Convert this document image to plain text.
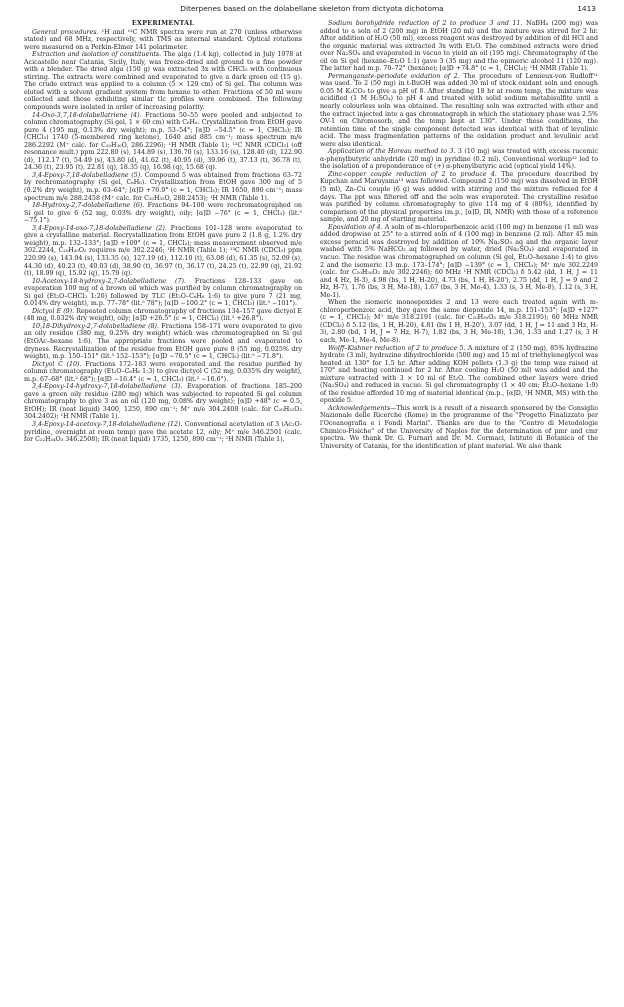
Diterpenes based on the dolabellane skeleton from dictyota dichotoma	1413
EXPERIMENTAL

General procedures. ¹H and ¹³C NMR spectra were run at 270 (unless otherwise stated) and 68 MHz, respectively, with TMS as internal standard. Optical rotations were measured on a Perkin-Elmer 141 polarimeter.

Extraction and isolation of constituents. The alga (1.4 kg), collected in July 1978 at Acicastello near Catania, Sicily, Italy, was freeze-dried and ground to a fine powder with a blender. The dried alga (150 g) was extracted 3x with CHCl₃ with continuous stirring. The extracts were combined and evaporated to give a dark green oil (15 g). The crude extract was applied to a column (5 × 120 cm) of Si gel. The column was eluted with a solvent gradient system from hexane to ether. Fractions of 50 ml were collected and those exhibiting similar tlc profiles were combined. The following compounds were isolated in order of increasing polarity.

14-Oxo-3,7,18-dolabellatriene (4). Fractions 50–55 were pooled and subjected to column chromatography (Si gel, 1 × 60 cm) with C₆H₆. Crystallization from EtOH gave pure 4 (195 mg, 0.13% dry weight); m.p. 53–54°; [α]D −54.5° (c = 1, CHCl₃); IR (CHCl₃) 1740 (5-membered ring ketone), 1640 and 885 cm⁻¹; mass spectrum m/e 286.2292 (M⁺ calc. for C₂₀H₃₀O, 286.2296); ¹H NMR (Table 1); ¹³C NMR (CDCl₃) (off resonance mult.) ppm 222.80 (s), 144.89 (s), 136.70 (s), 133.16 (s), 128.40 (d), 122.90 (d), 112.17 (t), 54.49 (s), 43.80 (d), 41.62 (t), 40.95 (d), 39.96 (t), 37.13 (t), 36.78 (t), 24.36 (t), 23.95 (t), 22.81 (q), 18.35 (q), 16.98 (q), 15.68 (q).

3,4-Epoxy-7,18-dolabelladiene (5). Compound 5 was obtained from fractions 63–72 by rechromatography (Si gel, C₆H₆). Crystallization from EtOH gave 300 mg of 5 (0.2% dry weight), m.p. 63–64°; [α]D +76.9° (c = 1, CHCl₃); IR 1650, 890 cm⁻¹; mass spectrum m/e 288.2458 (M⁺ calc. for C₂₀H₃₂O, 288.2453); ¹H NMR (Table 1).

18-Hydroxy-2,7-dolabelladiene (6). Fractions 94–100 were rechromatographed on Si gel to give 6 (52 mg, 0.03% dry weight), oily; [α]D −76° (c = 1, CHCl₃) (lit.⁵ −75.1°).

3,4-Epoxy-14-oxo-7,18-dolabelladiene (2). Fractions 101–128 were evaporated to give a crystalline material. Recrystallization from EtOH gave pure 2 (1.8 g, 1.2% dry weight), m.p. 132–133°; [α]D +109° (c = 1, CHCl₃); mass measurement observed m/e 302.2244, C₂₀H₃₀O₂ requires m/e 302.2246; ¹H NMR (Table 1); ¹³C NMR (CDCl₃) ppm 220.99 (s), 143.94 (s), 133.35 (s), 127.19 (d), 112.10 (t), 63.08 (d), 61.35 (s), 52.09 (s), 44.30 (d), 40.23 (t), 40.03 (d), 38.90 (t), 36.97 (t), 36.17 (t), 24.25 (t), 22.99 (q), 21.92 (t), 18.99 (q), 15.92 (q), 15.79 (q).

10-Acetoxy-18-hydroxy-2,7-dolabelladiene (7). Fractions 128–133 gave on evaporation 100 mg of a brown oil which was purified by column chromatography on Si gel (Et₂O–CHCl₃ 1:20) followed by TLC (Et₂O–C₆H₆ 1:6) to give pure 7 (21 mg, 0.014% dry weight), m.p. 77–78° (lit.⁵ 78°); [α]D −100.2° (c = 1, CHCl₃) (lit.⁵ −101°).

Dictyol E (9). Repeated column chromatography of fractions 134–157 gave dictyol E (48 mg, 0.032% dry weight), oily; [α]D +26.5° (c = 1, CHCl₃) (lit.² +26.8°).

10,18-Dihydroxy-2,7-dolabelladiene (8). Fractions 158–171 were evaporated to give an oily residue (380 mg, 0.25% dry weight) which was chromatographed on Si gel (EtOAc–hexane 1:6). The appropriate fractions were pooled and evaporated to dryness. Recrystallization of the residue from EtOH gave pure 8 (55 mg, 0.025% dry weight), m.p. 150–151° (lit.⁵ 152–153°); [α]D −70.5° (c = 1, CHCl₃) (lit.⁵ −71.8°).

Dictyol C (10). Fractions 172–183 were evaporated and the residue purified by column chromatography (Et₂O–C₆H₆ 1:3) to give dictyol C (52 mg, 0.035% dry weight), m.p. 67–68° (lit.² 68°); [α]D −16.4° (c = 1, CHCl₃) (lit.² −16.6°).

3,4-Epoxy-14-hydroxy-7,18-dolabelladiene (3). Evaporation of fractions 185–200 gave a green oily residue (280 mg) which was subjected to repeated Si gel column chromatography to give 3 as an oil (120 mg, 0.08% dry weight); [α]D +48° (c = 0.5, EtOH); IR (neat liquid) 3400, 1250, 890 cm⁻¹; M⁺ m/e 304.2408 (calc. for C₂₀H₃₂O₂ 304.2402); ¹H NMR (Table 1).

3,4-Epoxy-14-acetoxy-7,18-dolabelladiene (12). Conventional acetylation of 3 (Ac₂O-pyridine, overnight at room temp) gave the acetate 12, oily; M⁺ m/e 346.2501 (calc. for C₂₂H₃₄O₃ 346.2508); IR (neat liquid) 1735, 1250, 890 cm⁻¹; ¹H NMR (Table 1).

Sodium borohydride reduction of 2 to produce 3 and 11. NaBH₄ (200 mg) was added to a soln of 2 (200 mg) in EtOH (20 ml) and the mixture was stirred for 2 hr. After addition of H₂O (50 ml), excess reagent was destroyed by addition of dil HCl and the organic material was extracted 3x with Et₂O. The combined extracts were dried over Na₂SO₄ and evaporated in vacuo to yield an oil (195 mg). Chromatography of the oil on Si gel (hexane–Et₂O 1:1) gave 3 (35 mg) and the epimeric alcohol 11 (120 mg). The latter had m.p. 70–72° (hexane); [α]D +74.8° (c = 1, CHCl₃); ¹H NMR (Table 1).

Permanganate-periodate oxidation of 2. The procedure of Lemieux-von Rudloff¹¹ was used. To 2 (50 mg) in t-BuOH was added 30 ml of stock oxidant soln and enough 0.05 M K₂CO₃ to give a pH of 8. After standing 18 hr at room temp, the mixture was acidified (1 M H₂SO₄) to pH 4 and treated with solid sodium metabisulfite until a nearly colourless soln was obtained. The resulting soln was extracted with ether and the extract injected into a gas chromatograph in which the stationary phase was 2.5% OV-1 on Chromosorb, and the temp kept at 130°. Under these conditions, the retention time of the single component detected was identical with that of levulinic acid. The mass fragmentation patterns of the oxidation product and levulinic acid were also identical.

Application of the Horeau method to 3. 3 (10 mg) was treated with excess racemic α-phenylbutyric anhydride (20 mg) in pyridine (0.2 ml). Conventional workup¹² led to the isolation of a preponderance of (+) α-phenylbutyric acid (optical yield 14%).

Zinc-copper couple reduction of 2 to produce 4. The procedure described by Kupchan and Maruyama¹³ was followed. Compound 2 (150 mg) was dissolved in EtOH (5 ml), Zn–Cu couple (6 g) was added with stirring and the mixture refluxed for 4 days. The ppt was filtered off and the soln was evaporated. The crystalline residue was purified by column chromatography to give 114 mg of 4 (80%), identified by comparison of the physical properties (m.p., [α]D, IR, NMR) with those of a reference sample, and 20 mg of starting material.

Epoxidation of 4. A soln of m-chloroperbenzoic acid (100 mg) in benzene (1 ml) was added dropwise at 25° to a stirred soln of 4 (100 mg) in benzene (2 ml). After 45 min excess peracid was destroyed by addition of 10% Na₂SO₃ aq and the organic layer washed with 5% NaHCO₃ aq followed by water, dried (Na₂SO₄) and evaporated in vacuo. The residue was chromatographed on column (Si gel, Et₂O–hexane 1:4) to give 2 and the isomeric 13 m.p. 173–174°; [α]D −139° (c = 1, CHCl₃); M⁺ m/e 302.2249 (calc. for C₂₀H₃₀O₂ m/e 302.2246); 60 MHz ¹H NMR (CDCl₃) δ 5.42 (dd, 1 H, J = 11 and 4 Hz, H-3), 4.98 (bs, 1 H, H-20), 4.73 (bs, 1 H, H-20'), 2.75 (dd, 1 H, J = 9 and 2 Hz, H-7), 1.76 (bs, 3 H, Me-18), 1.67 (bs, 3 H, Me-4), 1.33 (s, 3 H, Me-8), 1.12 (s, 3 H, Me-1).

When the isomeric monoepoxides 2 and 13 were each treated again with m-chloroperbenzoic acid, they gave the same diepoxide 14, m.p. 151–153°; [α]D +127° (c = 1, CHCl₃); M⁺ m/e 318.2191 (calc. for C₂₀H₃₀O₃ m/e 318.2195); 60 MHz NMR (CDCl₃) δ 5.12 (bs, 1 H, H-20), 4.81 (bs 1 H, H-20'), 3.07 (dd, 1 H, J = 11 and 3 Hz, H-3), 2.80 (bd, 1 H, J = 7 Hz, H-7), 1.82 (bs, 3 H, Me-18), 1.36, 1.33 and 1.27 (s, 3 H each, Me-1, Me-4, Me-8).

Wolff–Kishner reduction of 2 to produce 5. A mixture of 2 (150 mg), 85% hydrazine hydrate (3 ml), hydrazine dihydrochloride (500 mg) and 15 ml of triethyleneglycol was heated at 130° for 1.5 hr. After adding KOH pellets (1.3 g) the temp was raised at 170° and heating continued for 2 hr. After cooling H₂O (50 ml) was added and the mixture extracted with 3 × 10 ml of Et₂O. The combined ether layers were dried (Na₂SO₄) and reduced in vacuo. Si gel chromatography (1 × 40 cm; Et₂O–hexane 1:9) of the residue afforded 10 mg of material identical (m.p., [α]D, ¹H NMR, MS) with the epoxide 5.

Acknowledgements—This work is a result of a research sponsored by the Consiglio Nazionale delle Ricerche (Rome) in the programme of the "Progetto Finalizzato per l'Oceanografia e i Fondi Marini". Thanks are due to the "Centro di Metodologie Chimico-Fisiche" of the University of Naples for the determination of pmr and cmr spectra. We thank Dr. G. Furnari and Dr. M. Cormaci, Istituto di Botanica of the University of Catania, for the identification of plant material. We also thank
